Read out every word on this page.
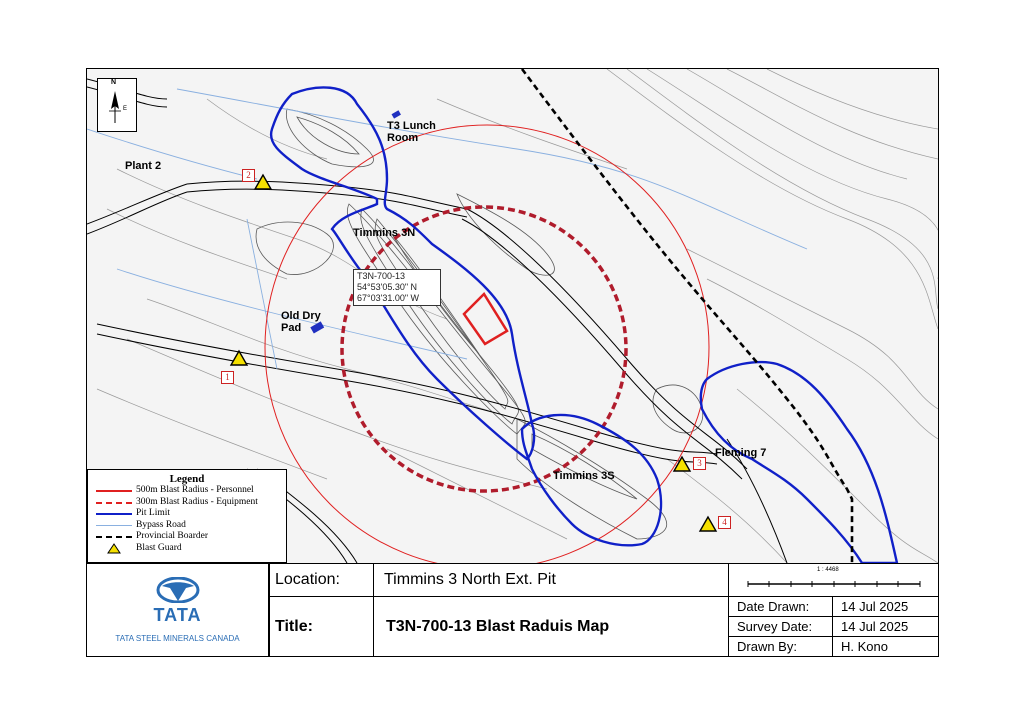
N
E
T3 Lunch Room
Plant 2
Timmins 3N
Old Dry Pad
Fleming 7
Timmins 3S
2
1
3
4
T3N-700-13
54°53'05.30" N
67°03'31.00" W
Legend
500m Blast Radius - Personnel
300m Blast Radius - Equipment
Pit Limit
Bypass Road
Provincial Boarder
Blast Guard
TATA
TATA STEEL MINERALS CANADA
Location:	Timmins 3 North Ext. Pit
1 : 4468
Title:	T3N-700-13 Blast Raduis Map
Date Drawn: 14 Jul 2025
Survey Date: 14 Jul 2025
Drawn By:	H. Kono
